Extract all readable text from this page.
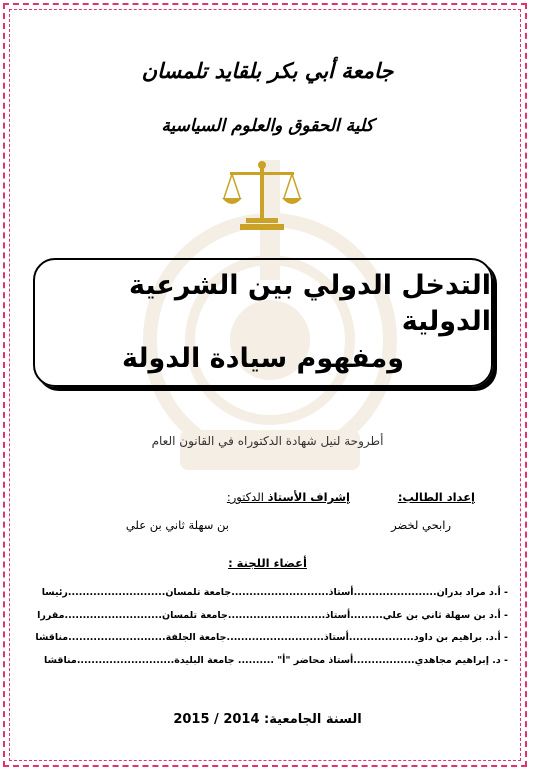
جامعة أبي بكر بلقايد تلمسان
كلية الحقوق والعلوم السياسية
التدخل الدولي بين الشرعية الدولية
ومفهوم سيادة الدولة
أطروحة لنيل شهادة الدكتوراه في القانون العام
إعداد الطالب:
إشراف الأستاذ الدكتور:
رابحي لخضر
بن سهلة ثاني بن علي
أعضاء اللجنة :
- أ.د مراد بدران.......................أستاذ...........................جامعة تلمسان...........................رئيسا
- أ.د بن سهلة ثاني بن علي.........أستاذ...........................جامعة تلمسان...........................مقررا
- أ.د. براهيم بن داود..................أستاذ...........................جامعة الجلفة...........................مناقشا
- د. إبراهيم مجاهدي.................أستاذ محاضر "أ" .......... جامعة البليدة...........................مناقشا
السنة الجامعية: 2014 / 2015
